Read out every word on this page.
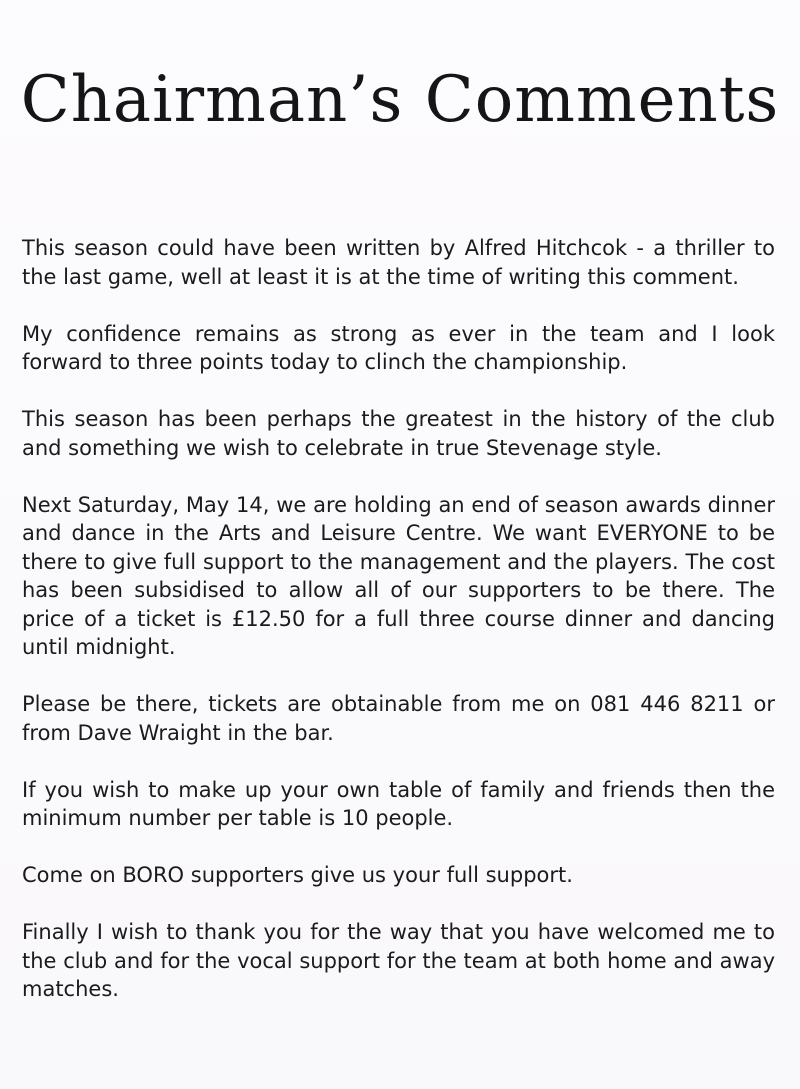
Chairman’s Comments

This season could have been written by Alfred Hitchcok - a thriller to the last game, well at least it is at the time of writing this comment.

My confidence remains as strong as ever in the team and I look forward to three points today to clinch the championship.

This season has been perhaps the greatest in the history of the club and something we wish to celebrate in true Stevenage style.

Next Saturday, May 14, we are holding an end of season awards dinner and dance in the Arts and Leisure Centre. We want EVERYONE to be there to give full support to the management and the players. The cost has been subsidised to allow all of our supporters to be there. The price of a ticket is £12.50 for a full three course dinner and dancing until midnight.

Please be there, tickets are obtainable from me on 081 446 8211 or from Dave Wraight in the bar.

If you wish to make up your own table of family and friends then the minimum number per table is 10 people.

Come on BORO supporters give us your full support.

Finally I wish to thank you for the way that you have welcomed me to the club and for the vocal support for the team at both home and away matches.
